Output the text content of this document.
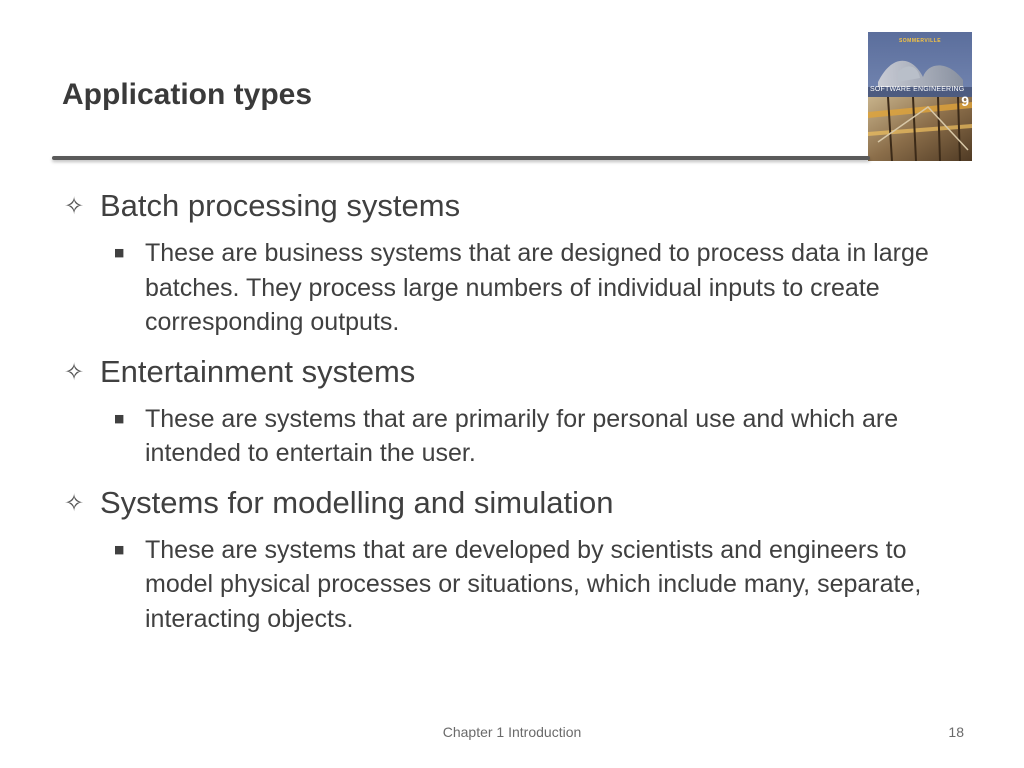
Application types
SOMMERVILLE
SOFTWARE ENGINEERING
9
✧ Batch processing systems
■ These are business systems that are designed to process data in large batches. They process large numbers of individual inputs to create corresponding outputs.
✧ Entertainment systems
■ These are systems that are primarily for personal use and which are intended to entertain the user.
✧ Systems for modelling and simulation
■ These are systems that are developed by scientists and engineers to model physical processes or situations, which include many, separate, interacting objects.
Chapter 1 Introduction	18
